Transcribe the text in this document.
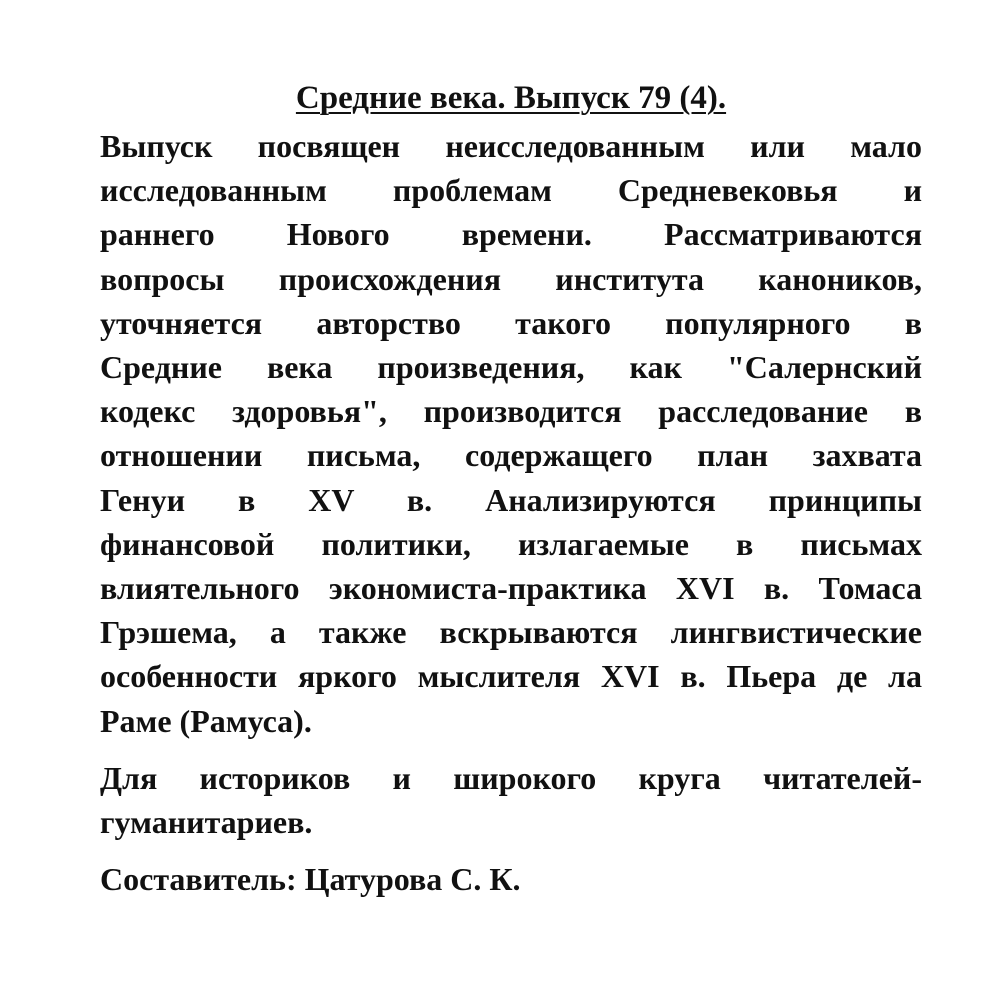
Средние века. Выпуск 79 (4).
Выпуск посвящен неисследованным или мало
исследованным проблемам Средневековья и
раннего Нового времени. Рассматриваются
вопросы происхождения института каноников,
уточняется авторство такого популярного в
Средние века произведения, как "Салернский
кодекс здоровья", производится расследование в
отношении письма, содержащего план захвата
Генуи в XV в. Анализируются принципы
финансовой политики, излагаемые в письмах
влиятельного экономиста-практика XVI в. Томаса
Грэшема, а также вскрываются лингвистические
особенности яркого мыслителя XVI в. Пьера де ла
Раме (Рамуса).
Для историков и широкого круга читателей-
гуманитариев.
Составитель: Цатурова С. К.
